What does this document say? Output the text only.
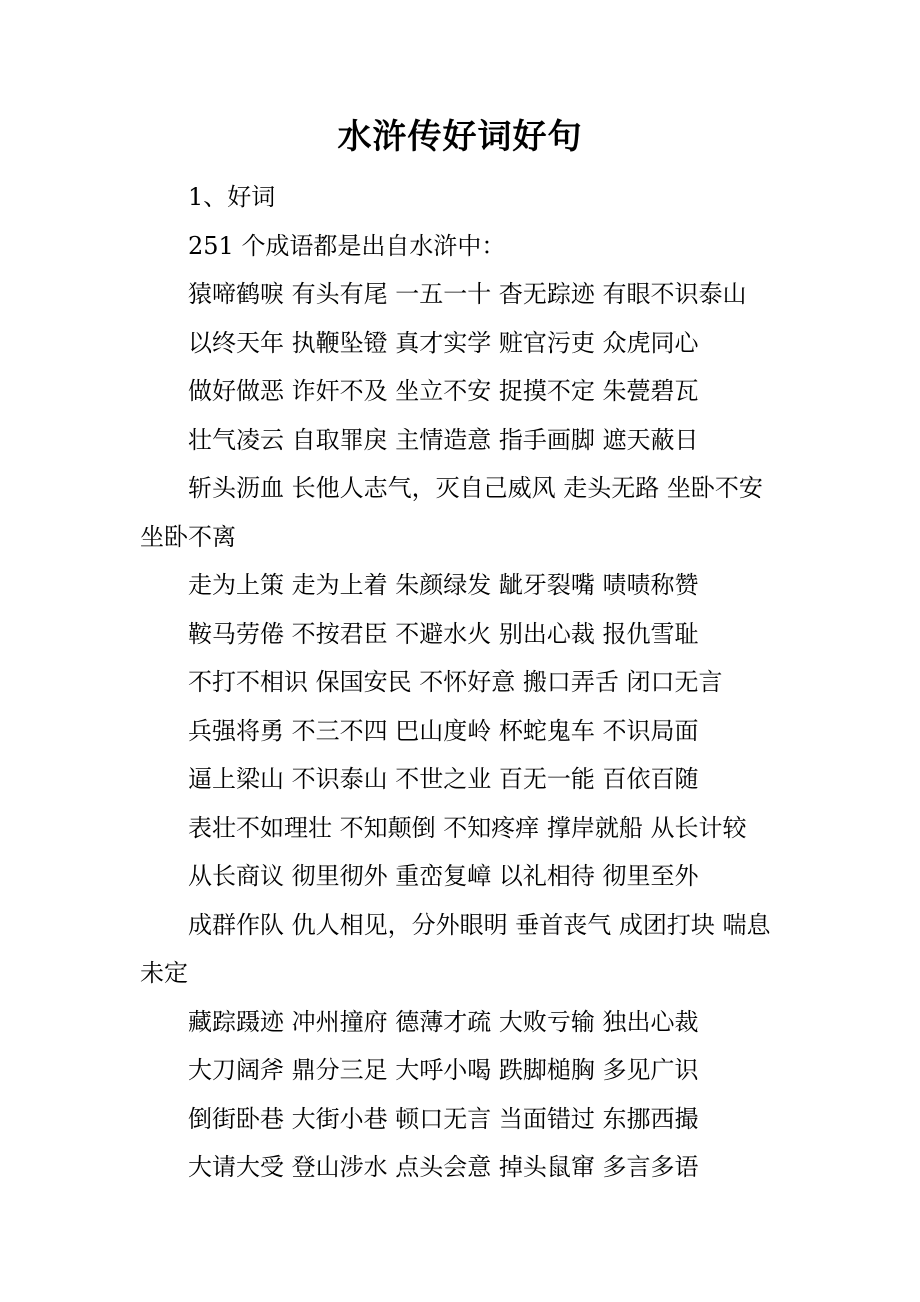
水浒传好词好句

1、好词

251 个成语都是出自水浒中：

猿啼鹤唳 有头有尾 一五一十 杳无踪迹 有眼不识泰山

以终天年 执鞭坠镫 真才实学 赃官污吏 众虎同心

做好做恶 诈奸不及 坐立不安 捉摸不定 朱甍碧瓦

壮气凌云 自取罪戾 主情造意 指手画脚 遮天蔽日

斩头沥血 长他人志气，灭自己威风 走头无路 坐卧不安 坐卧不离

走为上策 走为上着 朱颜绿发 龇牙裂嘴 啧啧称赞

鞍马劳倦 不按君臣 不避水火 别出心裁 报仇雪耻

不打不相识 保国安民 不怀好意 搬口弄舌 闭口无言

兵强将勇 不三不四 巴山度岭 杯蛇鬼车 不识局面

逼上梁山 不识泰山 不世之业 百无一能 百依百随

表壮不如理壮 不知颠倒 不知疼痒 撑岸就船 从长计较

从长商议 彻里彻外 重峦复嶂 以礼相待 彻里至外

成群作队 仇人相见，分外眼明 垂首丧气 成团打块 喘息未定

藏踪蹑迹 冲州撞府 德薄才疏 大败亏输 独出心裁

大刀阔斧 鼎分三足 大呼小喝 跌脚槌胸 多见广识

倒街卧巷 大街小巷 顿口无言 当面错过 东挪西撮

大请大受 登山涉水 点头会意 掉头鼠窜 多言多语
